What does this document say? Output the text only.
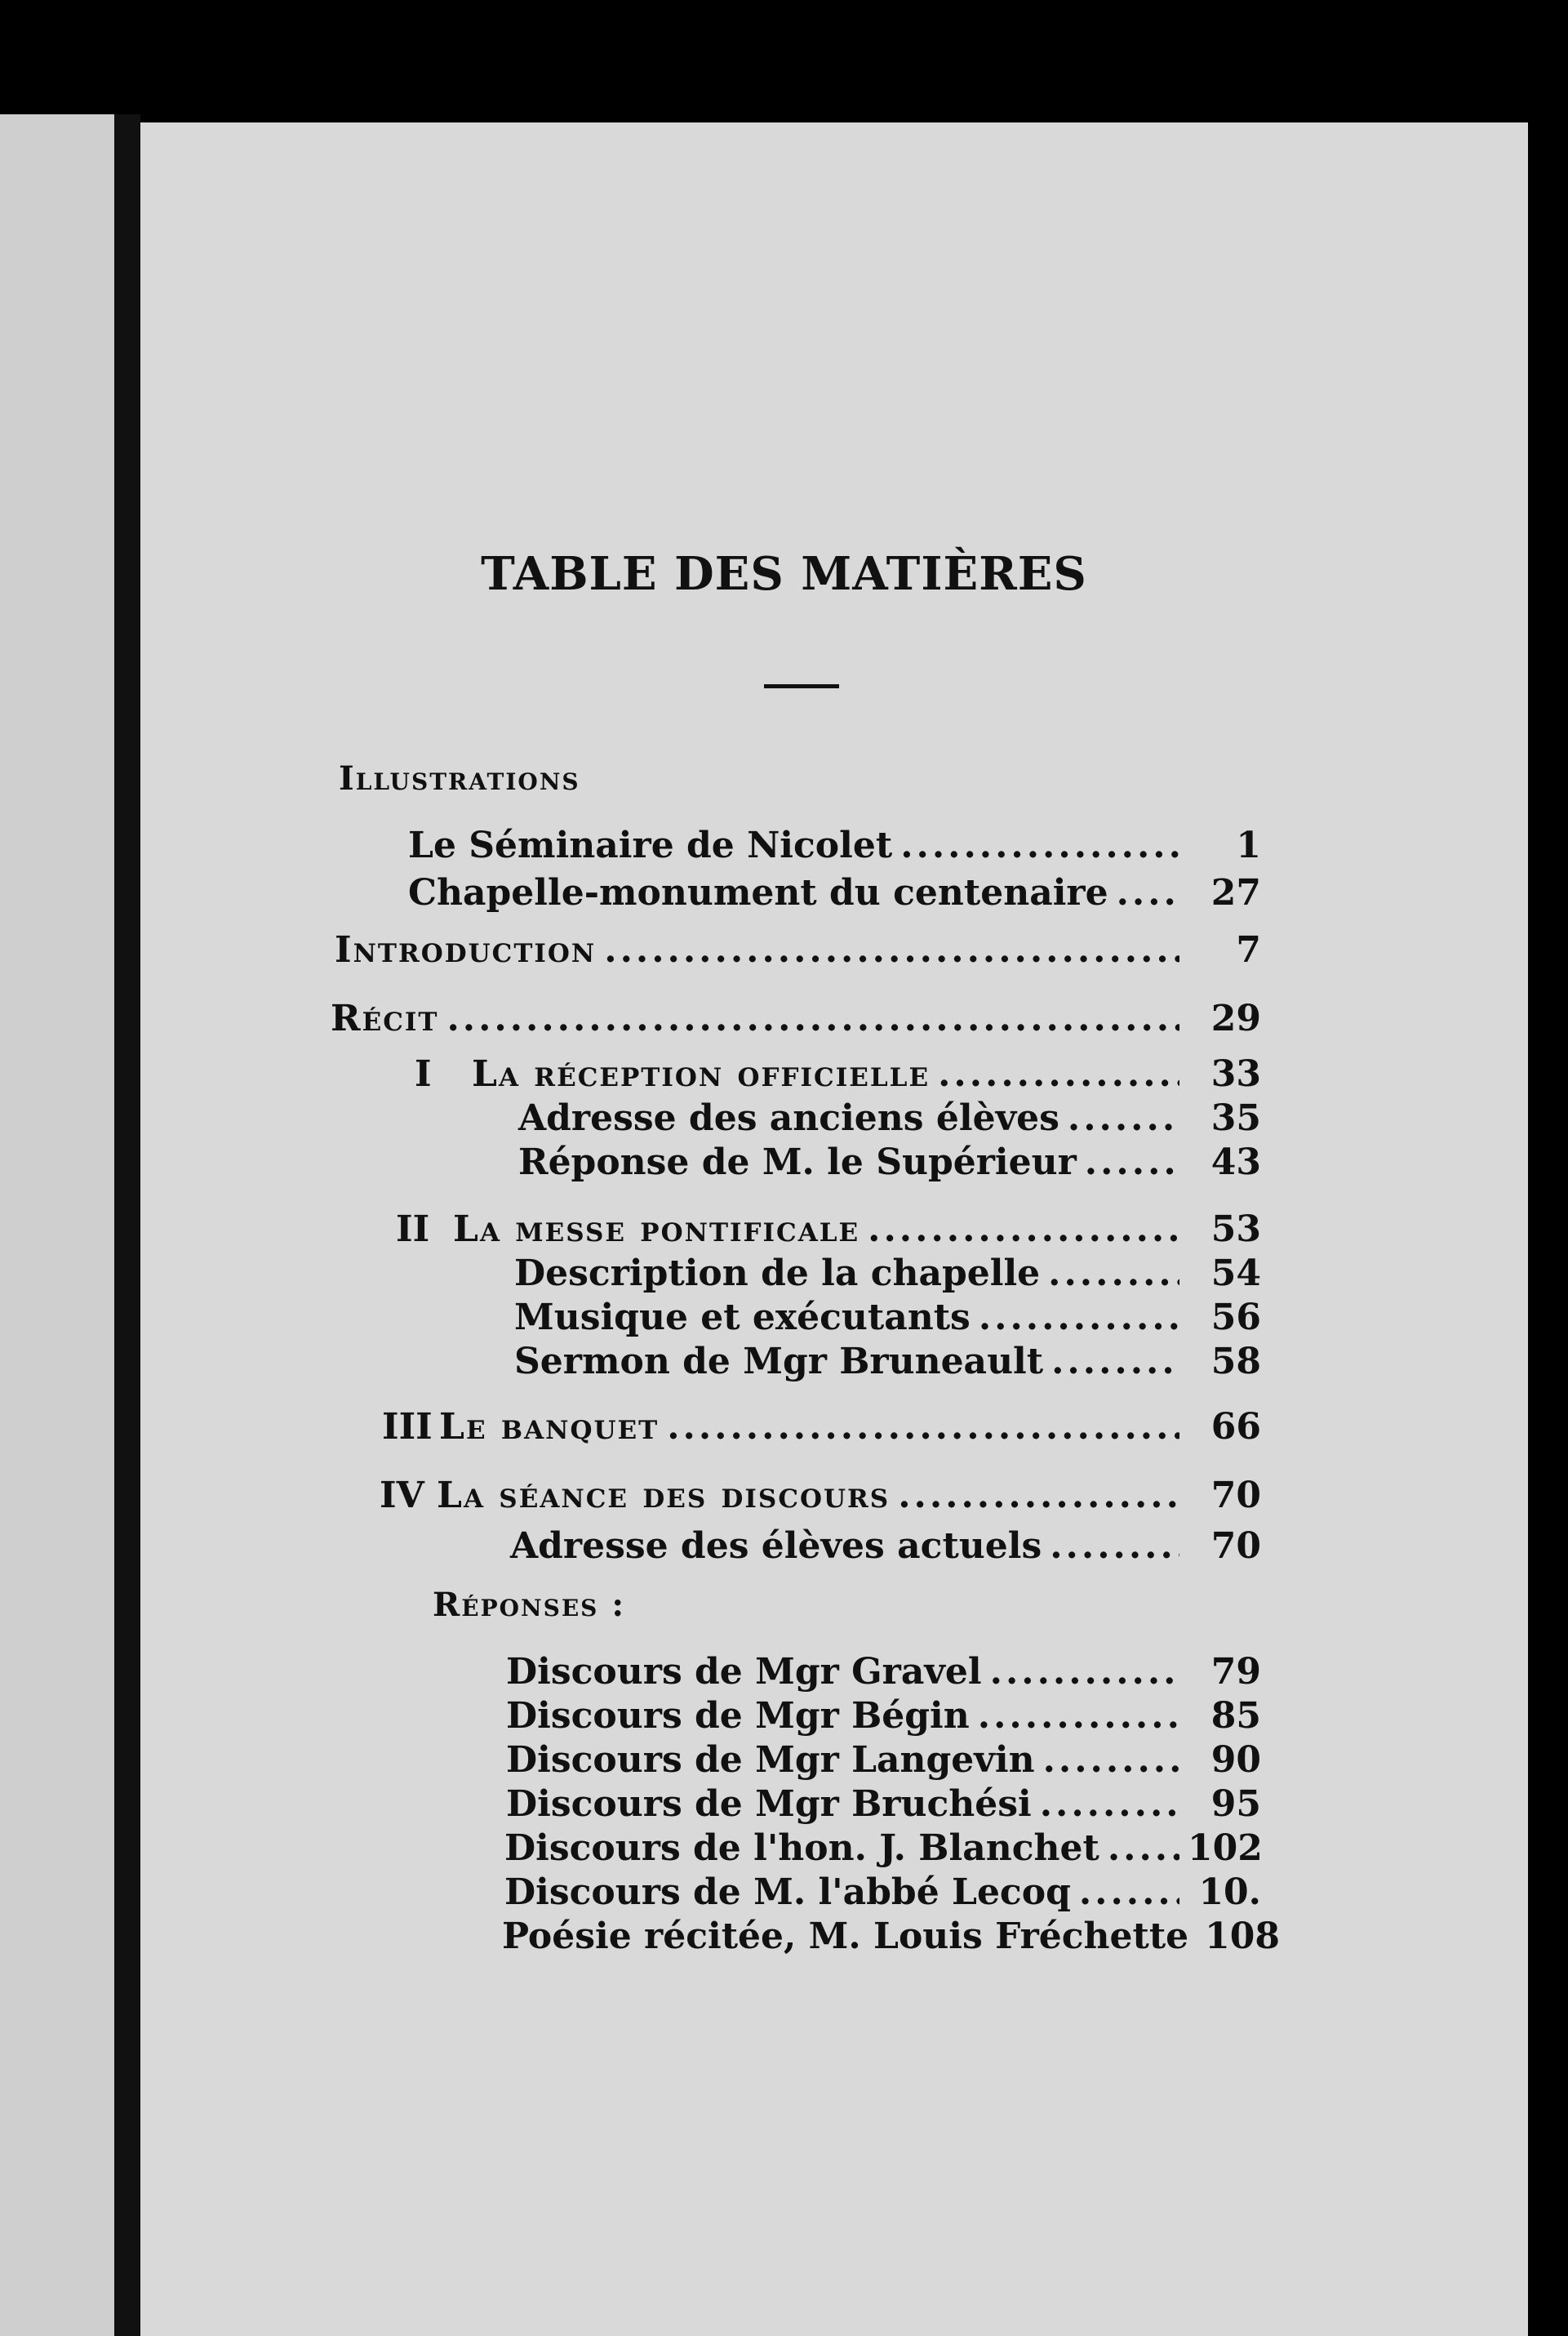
TABLE DES MATIÈRES
Illustrations
Le Séminaire de Nicolet .....	1
Chapelle-monument du centenaire .....	27
Introduction .....	7
Récit .....	29
I La réception officielle .....	33
Adresse des anciens élèves .....	35
Réponse de M. le Supérieur .....	43
II La messe pontificale .....	53
Description de la chapelle .....	54
Musique et exécutants .....	56
Sermon de Mgr Bruneault .....	58
III Le banquet .....	66
IV La séance des discours .....	70
Adresse des élèves actuels .....	70
Réponses :
Discours de Mgr Gravel .....	79
Discours de Mgr Bégin .....	85
Discours de Mgr Langevin .....	90
Discours de Mgr Bruchési .....	95
Discours de l'hon. J. Blanchet ..... 102
Discours de M. l'abbé Lecoq .....	10.
Poésie récitée, M. Louis Fréchette 108
